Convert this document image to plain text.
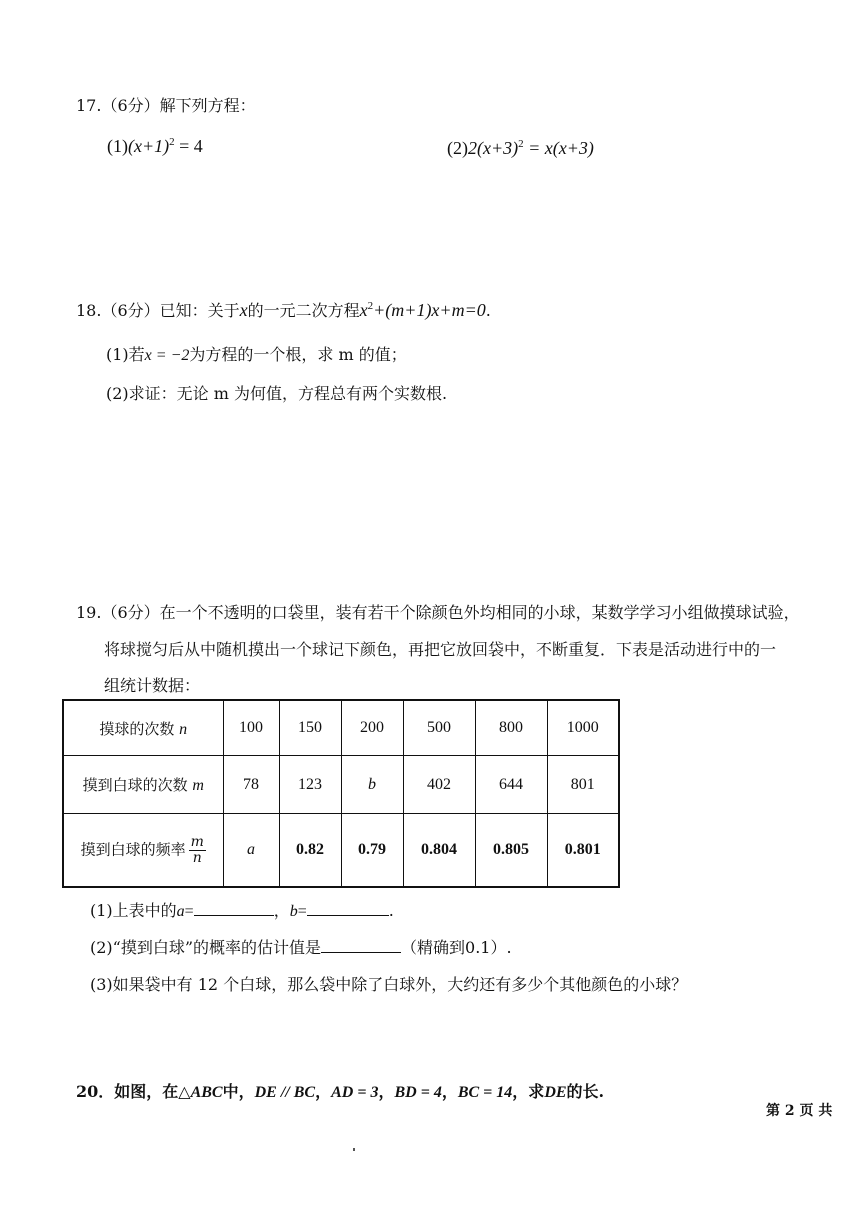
17.（6分）解下列方程：
$(1)(x+1)^2 = 4$	$(2)2(x+3)^2 = x(x+3)$
18.（6分）已知：关于x的一元二次方程$x^2+(m+1)x+m=0$.
(1)若x = −2为方程的一个根，求 m 的值；
(2)求证：无论 m 为何值，方程总有两个实数根.
19.（6分）在一个不透明的口袋里，装有若干个除颜色外均相同的小球，某数学学习小组做摸球试验，
将球搅匀后从中随机摸出一个球记下颜色，再把它放回袋中，不断重复．下表是活动进行中的一
组统计数据：
摸球的次数 n	100	150	200	500	800	1000
摸到白球的次数 m	78	123	b	402	644	801
摸到白球的频率 $\frac{m}{n}$	a	0.82	0.79	0.804	0.805	0.801
(1)上表中的a=	，b=	.
(2)“摸到白球”的概率的估计值是	（精确到0.1）.
(3)如果袋中有 12 个白球，那么袋中除了白球外，大约还有多少个其他颜色的小球？
20．如图，在△ABC中，DE // BC，AD = 3，BD = 4，BC = 14，求DE的长.
第 2 页 共
